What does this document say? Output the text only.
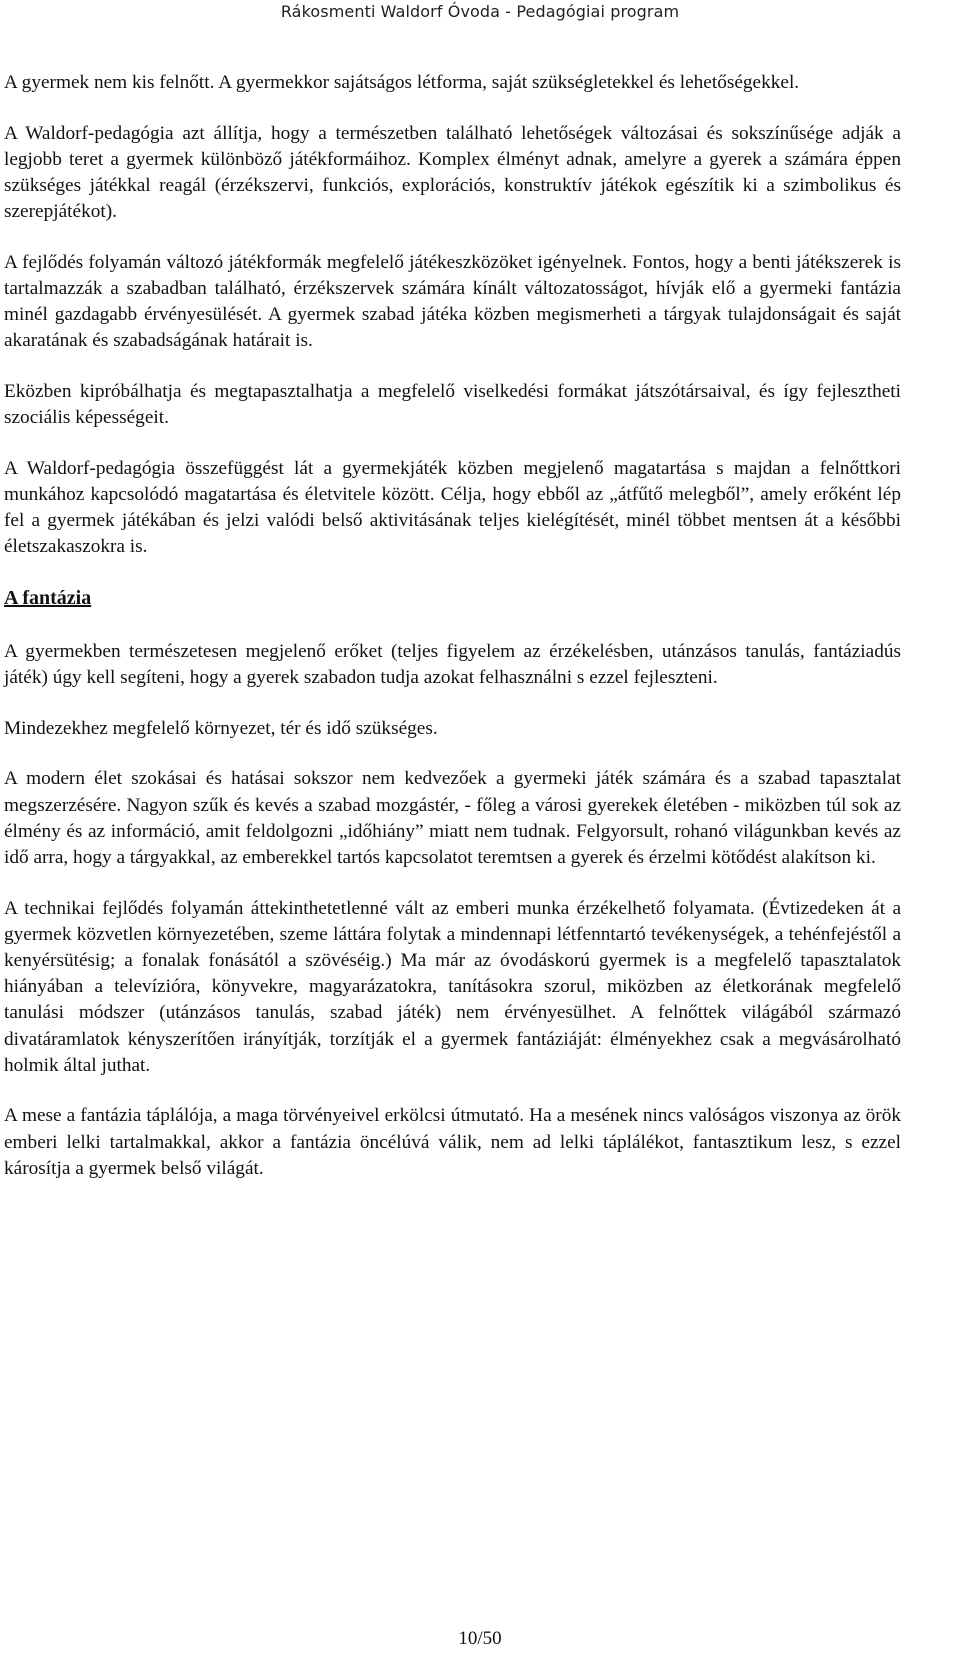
Rákosmenti Waldorf Óvoda - Pedagógiai program

A gyermek nem kis felnőtt. A gyermekkor sajátságos létforma, saját szükségletekkel és lehetőségekkel.

A Waldorf-pedagógia azt állítja, hogy a természetben található lehetőségek változásai és sokszínűsége adják a legjobb teret a gyermek különböző játékformáihoz. Komplex élményt adnak, amelyre a gyerek a számára éppen szükséges játékkal reagál (érzékszervi, funkciós, explorációs, konstruktív játékok egészítik ki a szimbolikus és szerepjátékot).

A fejlődés folyamán változó játékformák megfelelő játékeszközöket igényelnek. Fontos, hogy a benti játékszerek is tartalmazzák a szabadban található, érzékszervek számára kínált változatosságot, hívják elő a gyermeki fantázia minél gazdagabb érvényesülését. A gyermek szabad játéka közben megismerheti a tárgyak tulajdonságait és saját akaratának és szabadságának határait is.

Eközben kipróbálhatja és megtapasztalhatja a megfelelő viselkedési formákat játszótársaival, és így fejlesztheti szociális képességeit.

A Waldorf-pedagógia összefüggést lát a gyermekjáték közben megjelenő magatartása s majdan a felnőttkori munkához kapcsolódó magatartása és életvitele között. Célja, hogy ebből az „átfűtő melegből”, amely erőként lép fel a gyermek játékában és jelzi valódi belső aktivitásának teljes kielégítését, minél többet mentsen át a későbbi életszakaszokra is.

A fantázia

A gyermekben természetesen megjelenő erőket (teljes figyelem az érzékelésben, utánzásos tanulás, fantáziadús játék) úgy kell segíteni, hogy a gyerek szabadon tudja azokat felhasználni s ezzel fejleszteni.

Mindezekhez megfelelő környezet, tér és idő szükséges.

A modern élet szokásai és hatásai sokszor nem kedvezőek a gyermeki játék számára és a szabad tapasztalat megszerzésére. Nagyon szűk és kevés a szabad mozgástér, - főleg a városi gyerekek életében - miközben túl sok az élmény és az információ, amit feldolgozni „időhiány” miatt nem tudnak. Felgyorsult, rohanó világunkban kevés az idő arra, hogy a tárgyakkal, az emberekkel tartós kapcsolatot teremtsen a gyerek és érzelmi kötődést alakítson ki.

A technikai fejlődés folyamán áttekinthetetlenné vált az emberi munka érzékelhető folyamata. (Évtizedeken át a gyermek közvetlen környezetében, szeme láttára folytak a mindennapi létfenntartó tevékenységek, a tehénfejéstől a kenyérsütésig; a fonalak fonásától a szövéséig.) Ma már az óvodáskorú gyermek is a megfelelő tapasztalatok hiányában a televízióra, könyvekre, magyarázatokra, tanításokra szorul, miközben az életkorának megfelelő tanulási módszer (utánzásos tanulás, szabad játék) nem érvényesülhet. A felnőttek világából származó divatáramlatok kényszerítően irányítják, torzítják el a gyermek fantáziáját: élményekhez csak a megvásárolható holmik által juthat.

A mese a fantázia táplálója, a maga törvényeivel erkölcsi útmutató. Ha a mesének nincs valóságos viszonya az örök emberi lelki tartalmakkal, akkor a fantázia öncélúvá válik, nem ad lelki táplálékot, fantasztikum lesz, s ezzel károsítja a gyermek belső világát.

10/50
